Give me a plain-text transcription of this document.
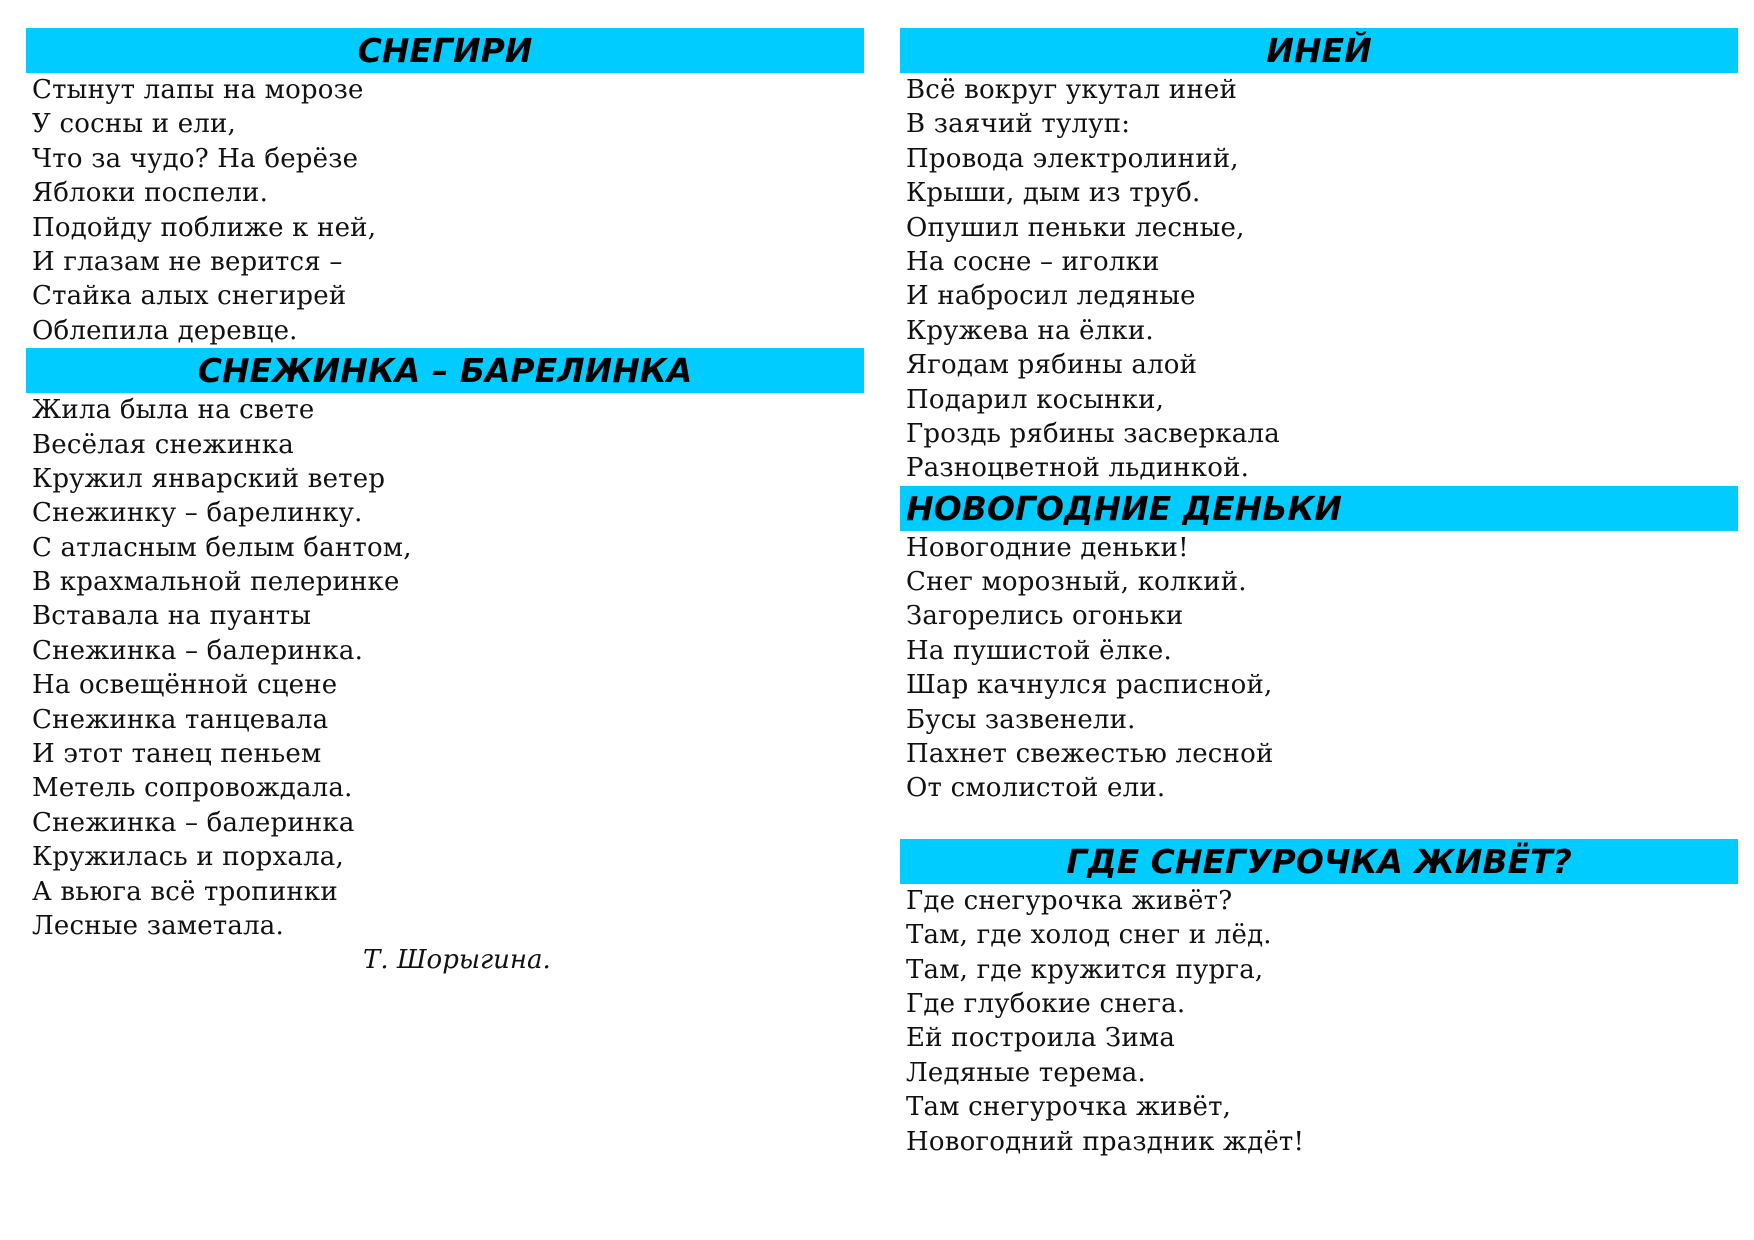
СНЕГИРИ
Стынут лапы на морозе
У сосны и ели,
Что за чудо? На берёзе
Яблоки поспели.
Подойду поближе к ней,
И глазам не верится –
Стайка алых снегирей
Облепила деревце.
СНЕЖИНКА – БАРЕЛИНКА
Жила была на свете
Весёлая снежинка
Кружил январский ветер
Снежинку – барелинку.
С атласным белым бантом,
В крахмальной пелеринке
Вставала на пуанты
Снежинка – балеринка.
На освещённой сцене
Снежинка танцевала
И этот танец пеньем
Метель сопровождала.
Снежинка – балеринка
Кружилась и порхала,
А вьюга всё тропинки
Лесные заметала.
Т. Шорыгина.
ИНЕЙ
Всё вокруг укутал иней
В заячий тулуп:
Провода электролиний,
Крыши, дым из труб.
Опушил пеньки лесные,
На сосне – иголки
И набросил ледяные
Кружева на ёлки.
Ягодам рябины алой
Подарил косынки,
Гроздь рябины засверкала
Разноцветной льдинкой.
НОВОГОДНИЕ ДЕНЬКИ
Новогодние деньки!
Снег морозный, колкий.
Загорелись огоньки
На пушистой ёлке.
Шар качнулся расписной,
Бусы зазвенели.
Пахнет свежестью лесной
От смолистой ели.
ГДЕ СНЕГУРОЧКА ЖИВЁТ?
Где снегурочка живёт?
Там, где холод снег и лёд.
Там, где кружится пурга,
Где глубокие снега.
Ей построила Зима
Ледяные терема.
Там снегурочка живёт,
Новогодний праздник ждёт!
